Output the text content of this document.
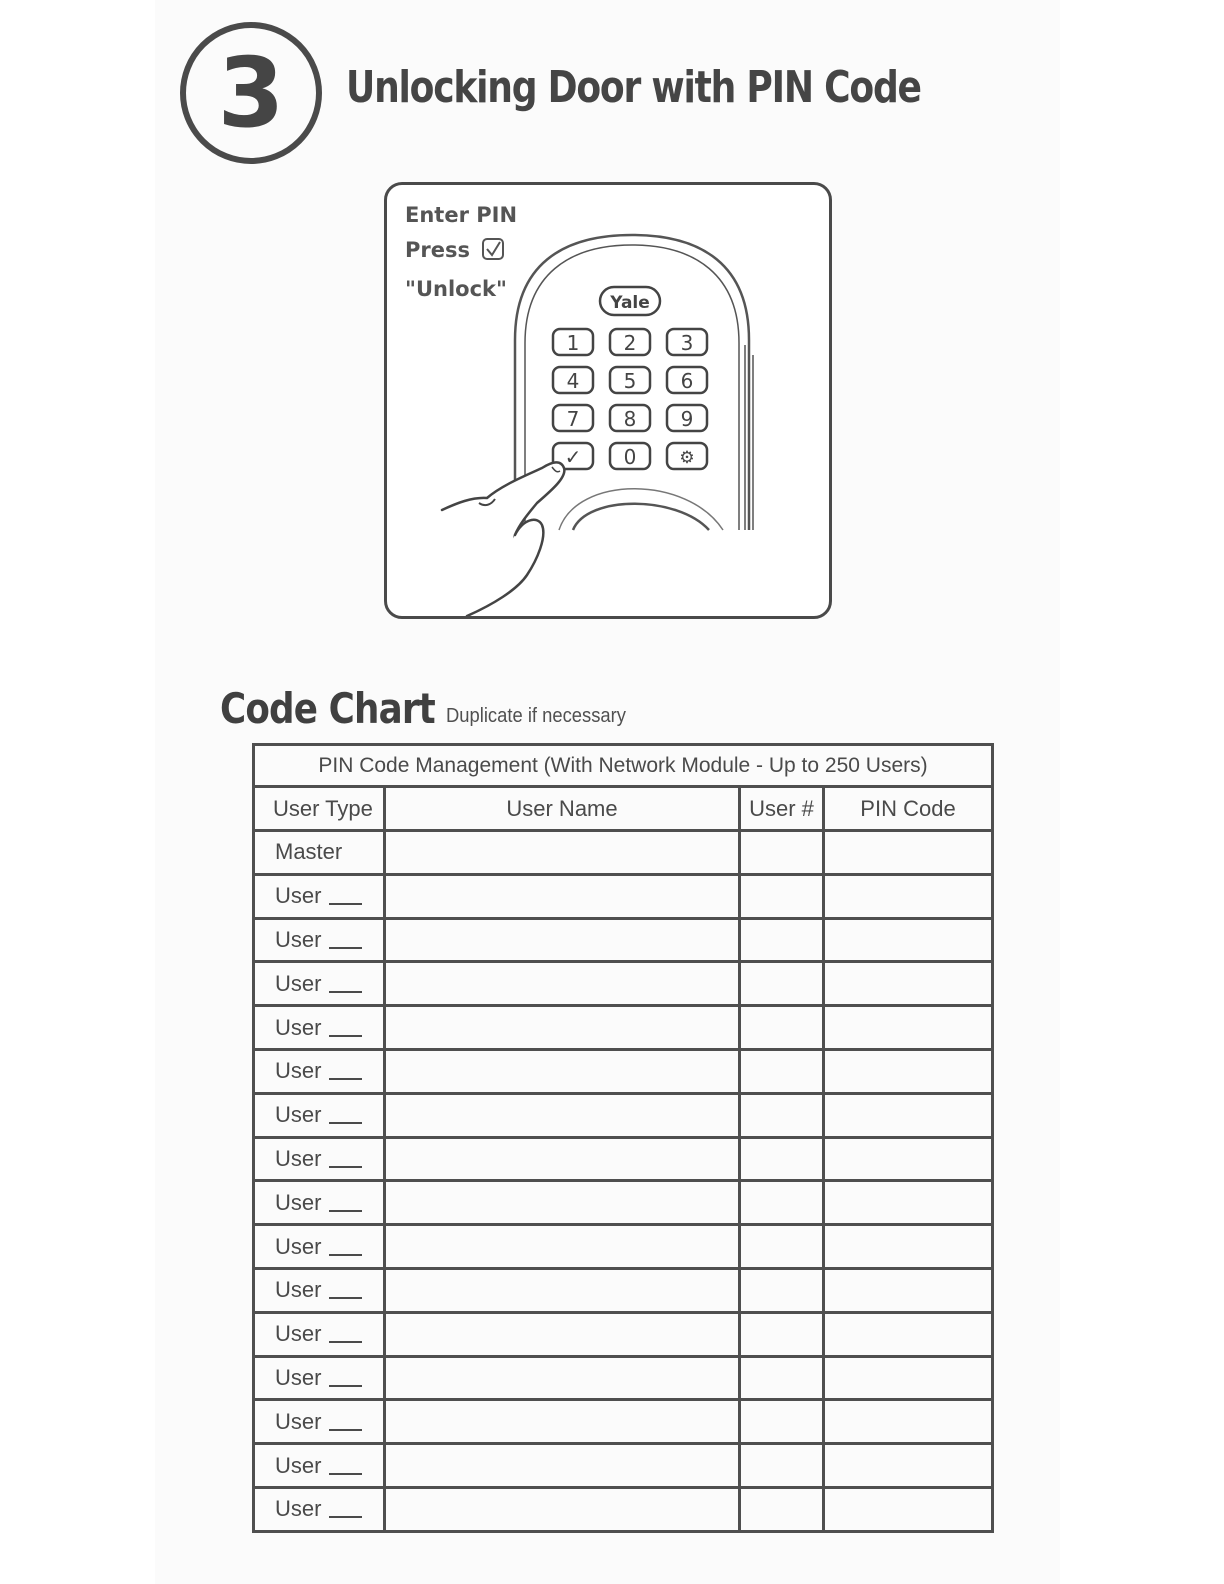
3 Unlocking Door with PIN Code
Yale
1 2 3
4 5 6
7 8 9
✓ 0	⚙
Enter PIN
Press
"Unlock"
Code Chart Duplicate if necessary
PIN Code Management (With Network Module - Up to 250 Users)			
User Type	User Name	User #	PIN Code
Master			
User			
User			
User			
User			
User			
User			
User			
User			
User			
User			
User			
User			
User			
User			
User			
